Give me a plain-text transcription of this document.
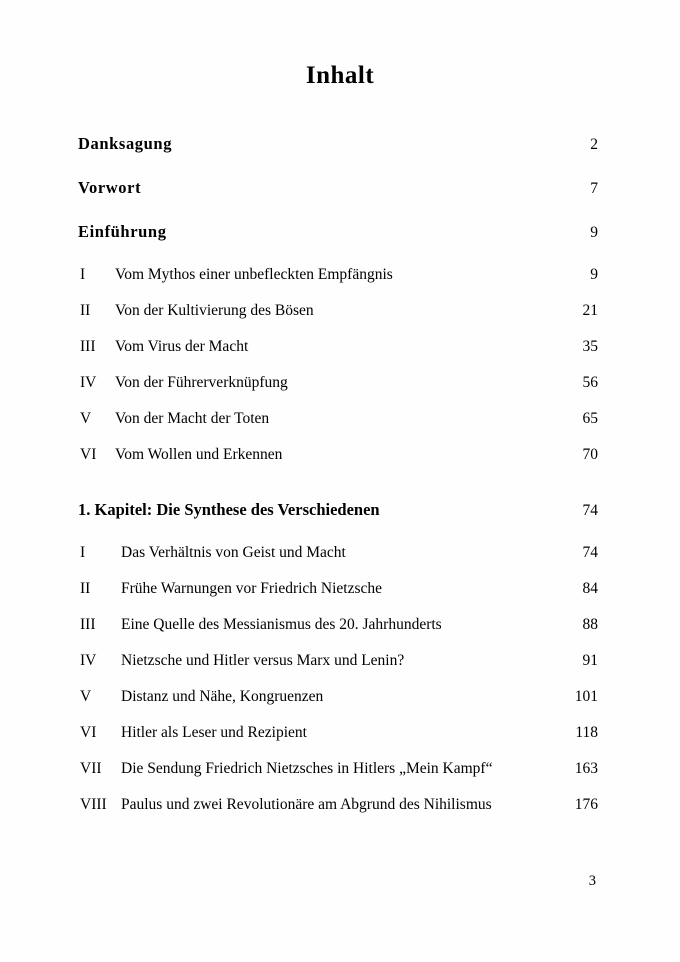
Inhalt
Danksagung	2
Vorwort	7
Einführung	9
I	Vom Mythos einer unbefleckten Empfängnis	9
II	Von der Kultivierung des Bösen	21
III	Vom Virus der Macht	35
IV	Von der Führerverknüpfung	56
V	Von der Macht der Toten	65
VI	Vom Wollen und Erkennen	70
1. Kapitel: Die Synthese des Verschiedenen	74
I	Das Verhältnis von Geist und Macht	74
II	Frühe Warnungen vor Friedrich Nietzsche	84
III	Eine Quelle des Messianismus des 20. Jahrhunderts	88
IV	Nietzsche und Hitler versus Marx und Lenin?	91
V	Distanz und Nähe, Kongruenzen	101
VI	Hitler als Leser und Rezipient	118
VII	Die Sendung Friedrich Nietzsches in Hitlers „Mein Kampf“	163
VIII Paulus und zwei Revolutionäre am Abgrund des Nihilismus	176
3
